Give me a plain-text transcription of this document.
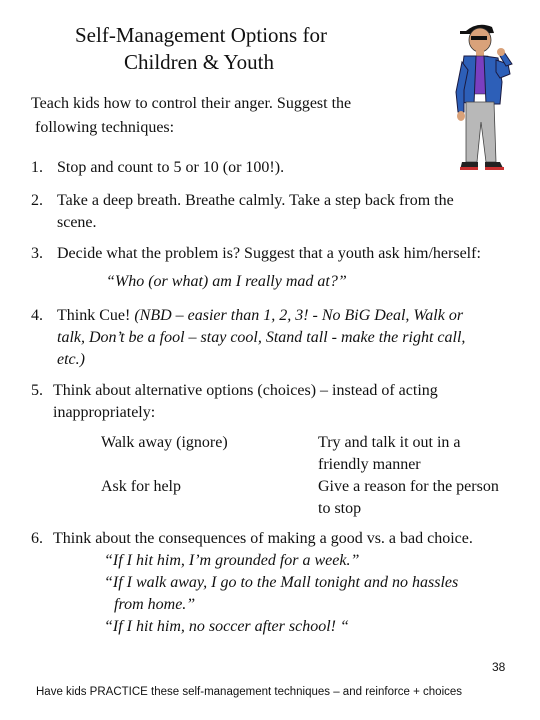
Self-Management Options for
Children & Youth
Teach kids how to control their anger. Suggest the
following techniques:
1. Stop and count to 5 or 10 (or 100!).
2. Take a deep breath. Breathe calmly. Take a step back from the
scene.
3. Decide what the problem is? Suggest that a youth ask him/herself:
“Who (or what) am I really mad at?”
4. Think Cue! (NBD – easier than 1, 2, 3! - No BiG Deal, Walk or
talk, Don’t be a fool – stay cool, Stand tall - make the right call,
etc.)
5. Think about alternative options (choices) – instead of acting
inappropriately:
Walk away (ignore)
Ask for help
Try and talk it out in a
friendly manner
Give a reason for the person
to stop
6. Think about the consequences of making a good vs. a bad choice.
“If I hit him, I’m grounded for a week.”
“If I walk away, I go to the Mall tonight and no hassles
from home.”
“If I hit him, no soccer after school! “
38
Have kids PRACTICE these self-management techniques – and reinforce + choices
